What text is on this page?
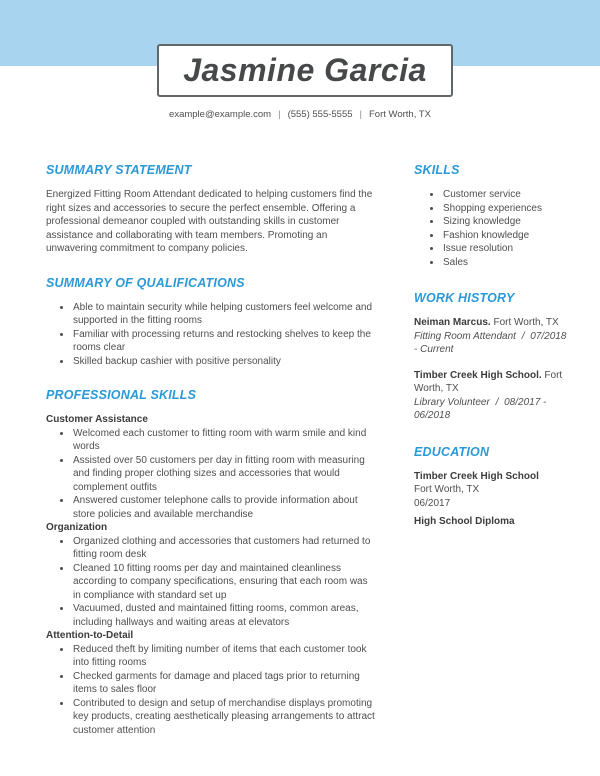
Jasmine Garcia
example@example.com | (555) 555-5555 | Fort Worth, TX
SUMMARY STATEMENT

Energized Fitting Room Attendant dedicated to helping customers find the right sizes and accessories to secure the perfect ensemble. Offering a professional demeanor coupled with outstanding skills in customer assistance and collaborating with team members. Promoting an unwavering commitment to company policies.

SUMMARY OF QUALIFICATIONS
• Able to maintain security while helping customers feel welcome and supported in the fitting rooms
• Familiar with processing returns and restocking shelves to keep the rooms clear
• Skilled backup cashier with positive personality
PROFESSIONAL SKILLS
Customer Assistance
• Welcomed each customer to fitting room with warm smile and kind words
• Assisted over 50 customers per day in fitting room with measuring and finding proper clothing sizes and accessories that would complement outfits
• Answered customer telephone calls to provide information about store policies and available merchandise
Organization
• Organized clothing and accessories that customers had returned to fitting room desk
• Cleaned 10 fitting rooms per day and maintained cleanliness according to company specifications, ensuring that each room was in compliance with standard set up
• Vacuumed, dusted and maintained fitting rooms, common areas, including hallways and waiting areas at elevators
Attention-to-Detail
• Reduced theft by limiting number of items that each customer took into fitting rooms
• Checked garments for damage and placed tags prior to returning items to sales floor
• Contributed to design and setup of merchandise displays promoting key products, creating aesthetically pleasing arrangements to attract customer attention
SKILLS
• Customer service
• Shopping experiences
• Sizing knowledge
• Fashion knowledge
• Issue resolution
• Sales
WORK HISTORY
Neiman Marcus. Fort Worth, TX
Fitting Room Attendant / 07/2018 - Current
Timber Creek High School. Fort Worth, TX
Library Volunteer / 08/2017 - 06/2018
EDUCATION
Timber Creek High School
Fort Worth, TX
06/2017
High School Diploma
